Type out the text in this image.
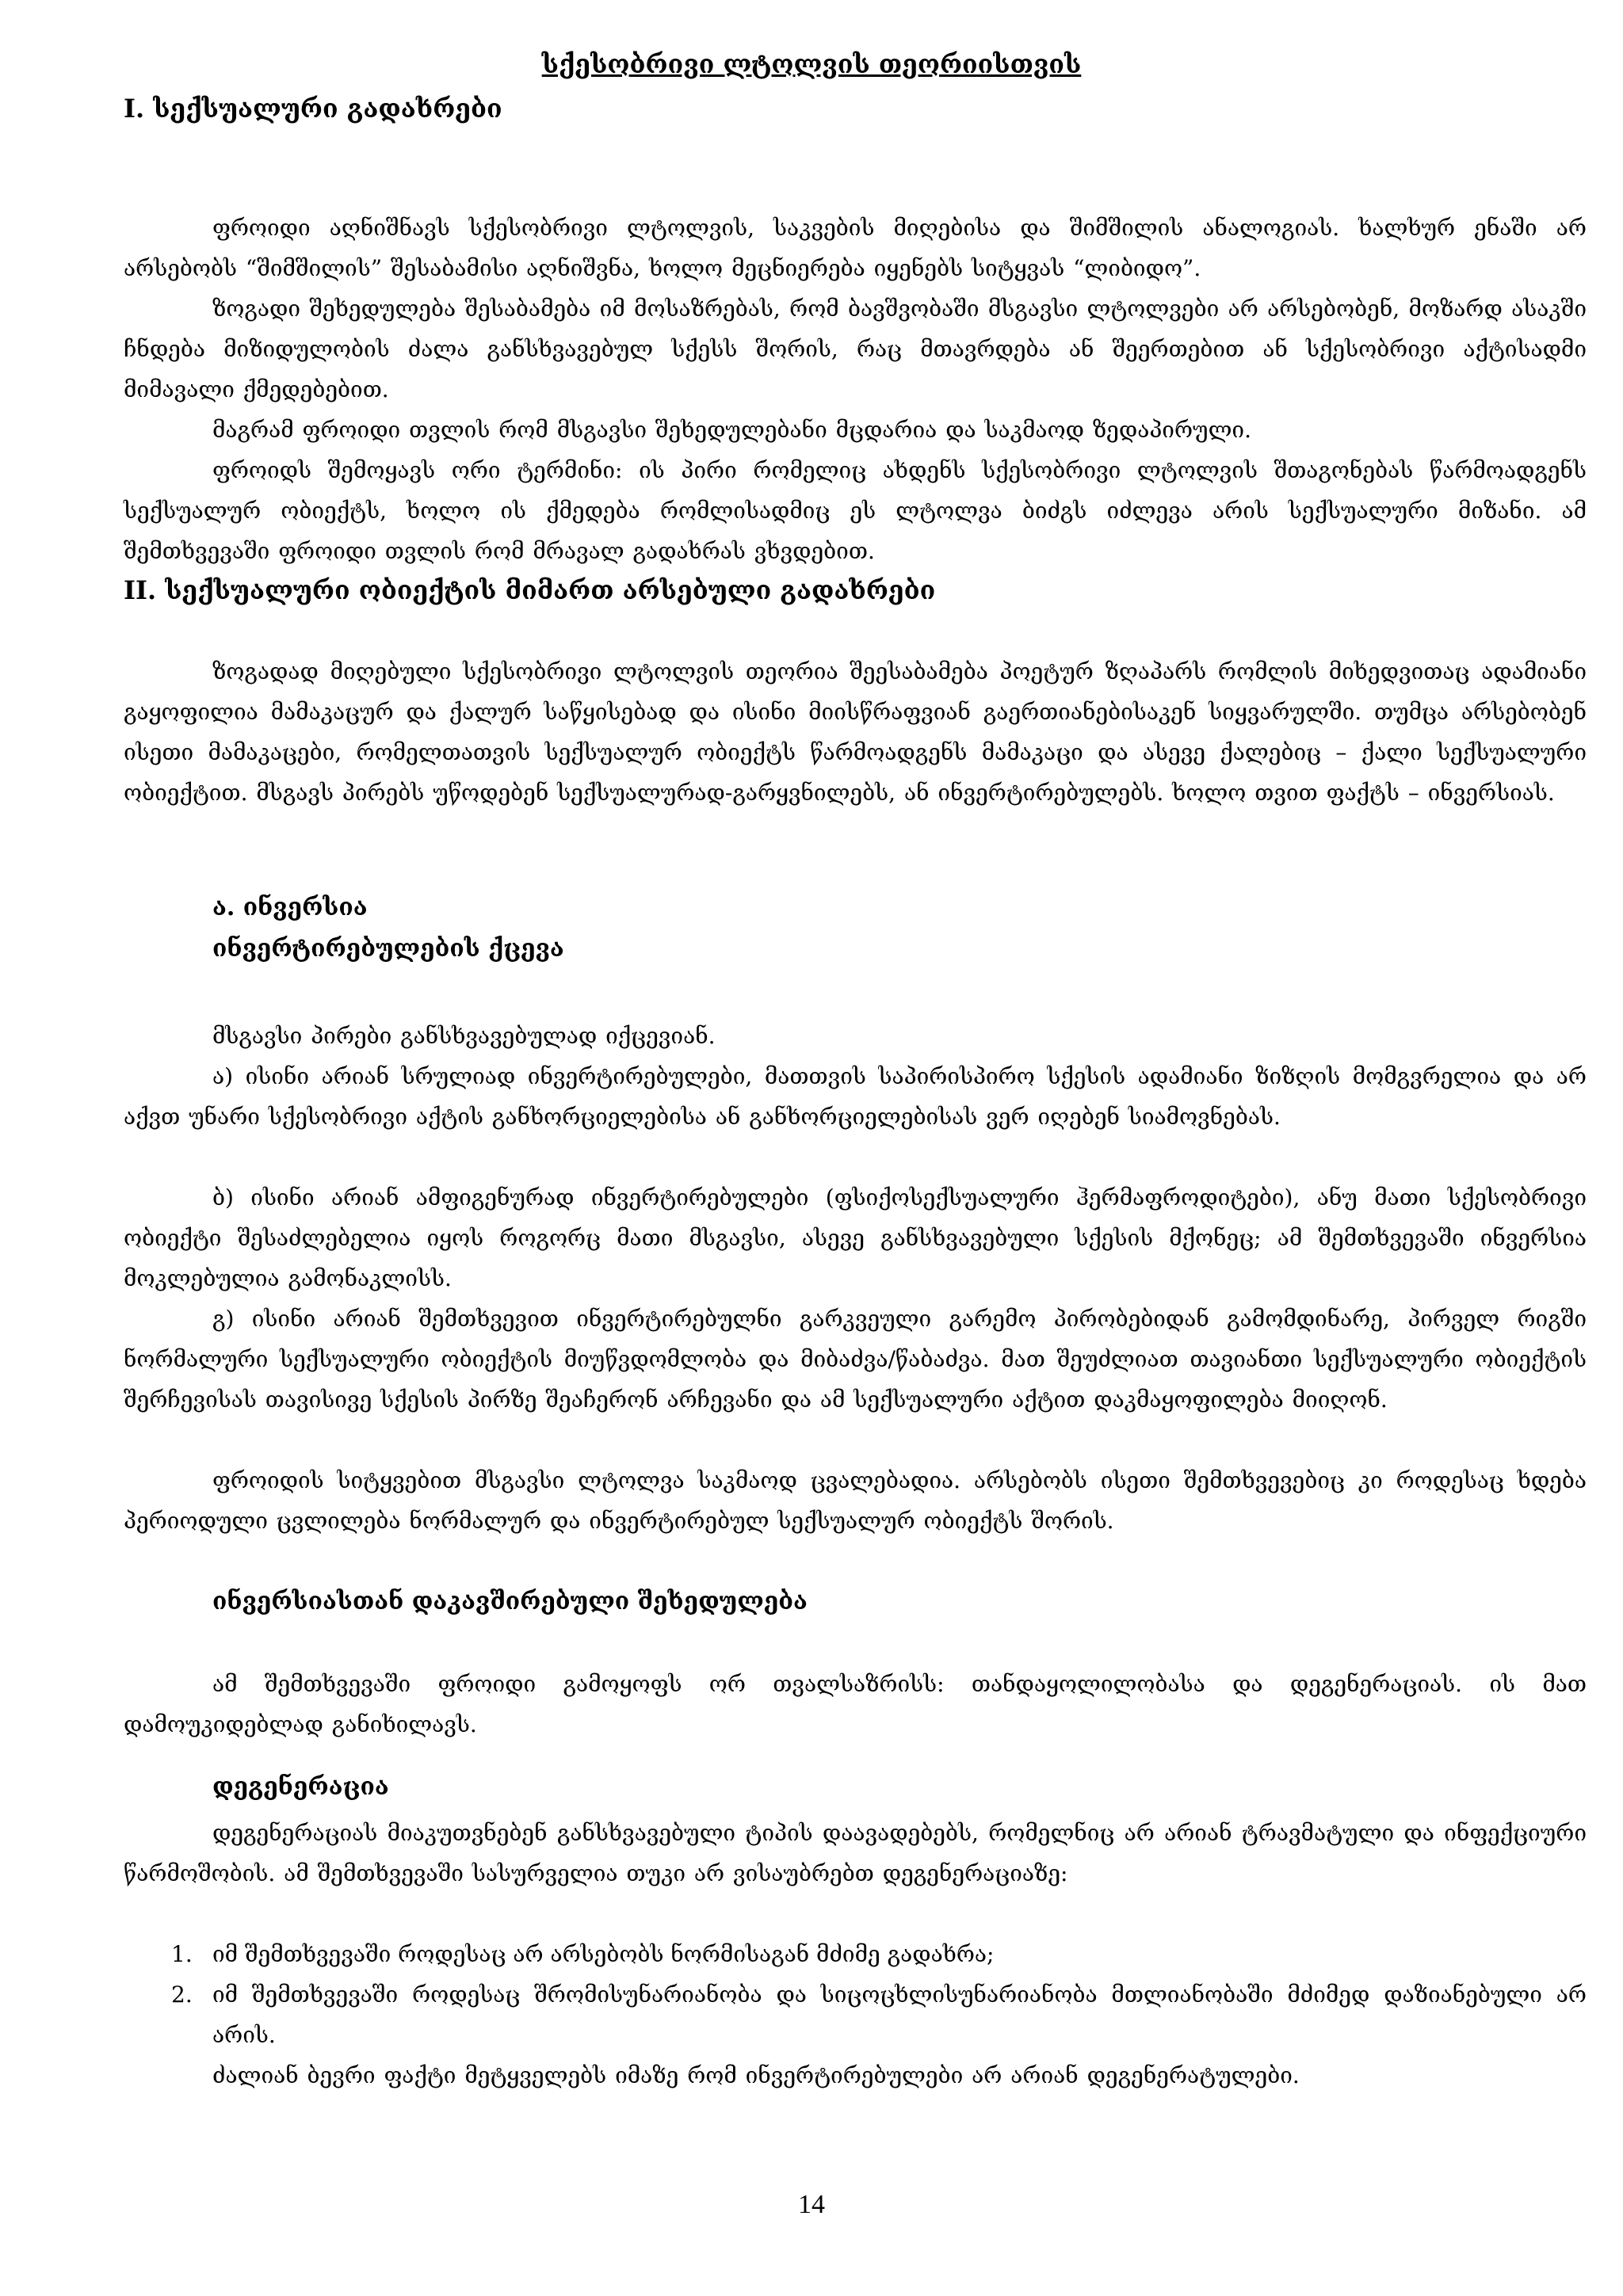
სქესობრივი ლტოლვის თეორიისთვის
I. სექსუალური გადახრები
ფროიდი აღნიშნავს სქესობრივი ლტოლვის, საკვების მიღებისა და შიმშილის ანალოგიას. ხალხურ ენაში არ არსებობს “შიმშილის” შესაბამისი აღნიშვნა, ხოლო მეცნიერება იყენებს სიტყვას “ლიბიდო”.
ზოგადი შეხედულება შესაბამება იმ მოსაზრებას, რომ ბავშვობაში მსგავსი ლტოლვები არ არსებობენ, მოზარდ ასაკში ჩნდება მიზიდულობის ძალა განსხვავებულ სქესს შორის, რაც მთავრდება ან შეერთებით ან სქესობრივი აქტისადმი მიმავალი ქმედებებით.
მაგრამ ფროიდი თვლის რომ მსგავსი შეხედულებანი მცდარია და საკმაოდ ზედაპირული.
ფროიდს შემოყავს ორი ტერმინი: ის პირი რომელიც ახდენს სქესობრივი ლტოლვის შთაგონებას წარმოადგენს სექსუალურ ობიექტს, ხოლო ის ქმედება რომლისადმიც ეს ლტოლვა ბიძგს იძლევა არის სექსუალური მიზანი. ამ შემთხვევაში ფროიდი თვლის რომ მრავალ გადახრას ვხვდებით.
II. სექსუალური ობიექტის მიმართ არსებული გადახრები
ზოგადად მიღებული სქესობრივი ლტოლვის თეორია შეესაბამება პოეტურ ზღაპარს რომლის მიხედვითაც ადამიანი გაყოფილია მამაკაცურ და ქალურ საწყისებად და ისინი მიისწრაფვიან გაერთიანებისაკენ სიყვარულში. თუმცა არსებობენ ისეთი მამაკაცები, რომელთათვის სექსუალურ ობიექტს წარმოადგენს მამაკაცი და ასევე ქალებიც – ქალი სექსუალური ობიექტით. მსგავს პირებს უწოდებენ სექსუალურად-გარყვნილებს, ან ინვერტირებულებს. ხოლო თვით ფაქტს – ინვერსიას.
ა. ინვერსია
ინვერტირებულების ქცევა
მსგავსი პირები განსხვავებულად იქცევიან.
ა) ისინი არიან სრულიად ინვერტირებულები, მათთვის საპირისპირო სქესის ადამიანი ზიზღის მომგვრელია და არ აქვთ უნარი სქესობრივი აქტის განხორციელებისა ან განხორციელებისას ვერ იღებენ სიამოვნებას.
ბ) ისინი არიან ამფიგენურად ინვერტირებულები (ფსიქოსექსუალური ჰერმაფროდიტები), ანუ მათი სქესობრივი ობიექტი შესაძლებელია იყოს როგორც მათი მსგავსი, ასევე განსხვავებული სქესის მქონეც; ამ შემთხვევაში ინვერსია მოკლებულია გამონაკლისს.
გ) ისინი არიან შემთხვევით ინვერტირებულნი გარკვეული გარემო პირობებიდან გამომდინარე, პირველ რიგში ნორმალური სექსუალური ობიექტის მიუწვდომლობა და მიბაძვა/წაბაძვა. მათ შეუძლიათ თავიანთი სექსუალური ობიექტის შერჩევისას თავისივე სქესის პირზე შეაჩერონ არჩევანი და ამ სექსუალური აქტით დაკმაყოფილება მიიღონ.
ფროიდის სიტყვებით მსგავსი ლტოლვა საკმაოდ ცვალებადია. არსებობს ისეთი შემთხვევებიც კი როდესაც ხდება პერიოდული ცვლილება ნორმალურ და ინვერტირებულ სექსუალურ ობიექტს შორის.
ინვერსიასთან დაკავშირებული შეხედულება
ამ შემთხვევაში ფროიდი გამოყოფს ორ თვალსაზრისს: თანდაყოლილობასა და დეგენერაციას. ის მათ დამოუკიდებლად განიხილავს.
დეგენერაცია
დეგენერაციას მიაკუთვნებენ განსხვავებული ტიპის დაავადებებს, რომელნიც არ არიან ტრავმატული და ინფექციური წარმოშობის. ამ შემთხვევაში სასურველია თუკი არ ვისაუბრებთ დეგენერაციაზე:
1. იმ შემთხვევაში როდესაც არ არსებობს ნორმისაგან მძიმე გადახრა;
2. იმ შემთხვევაში როდესაც შრომისუნარიანობა და სიცოცხლისუნარიანობა მთლიანობაში მძიმედ დაზიანებული არ არის.
ძალიან ბევრი ფაქტი მეტყველებს იმაზე რომ ინვერტირებულები არ არიან დეგენერატულები.
14
